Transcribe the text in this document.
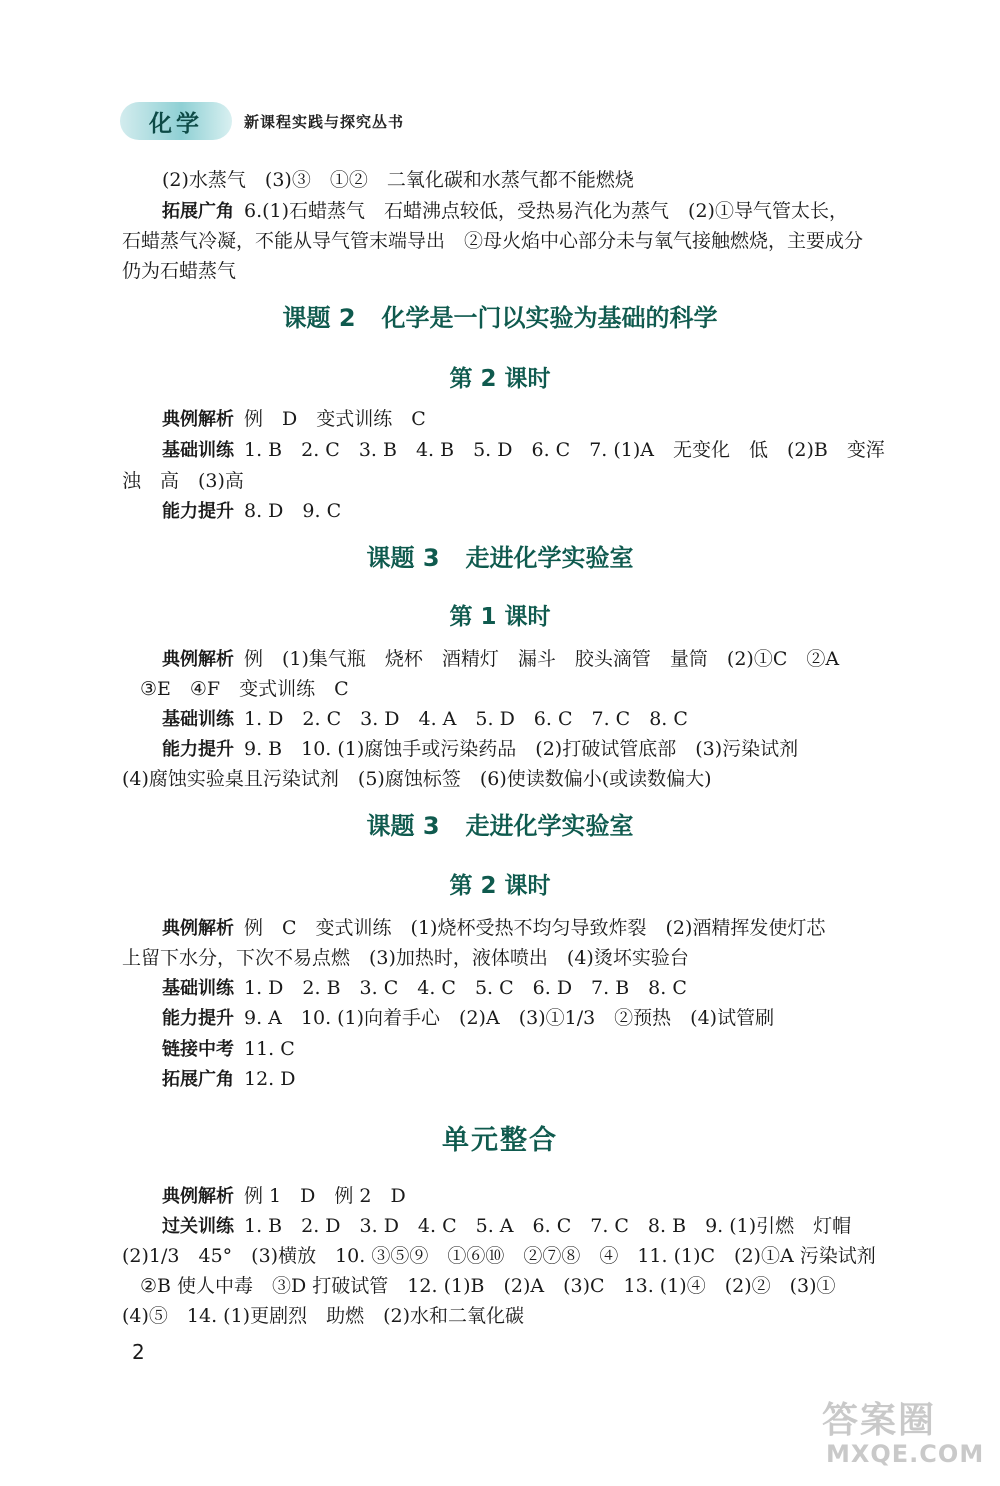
化学	新课程实践与探究丛书
(2)水蒸气　(3)③　①②　二氧化碳和水蒸气都不能燃烧
拓展广角 6.(1)石蜡蒸气　石蜡沸点较低，受热易汽化为蒸气　(2)①导气管太长，
石蜡蒸气冷凝，不能从导气管末端导出　②母火焰中心部分未与氧气接触燃烧，主要成分
仍为石蜡蒸气
课题 2 化学是一门以实验为基础的科学
第 2 课时
典例解析 例　D　变式训练　C
基础训练 1. B　2. C　3. B　4. B　5. D　6. C　7. (1)A　无变化　低　(2)B　变浑
浊　高　(3)高
能力提升 8. D　9. C
课题 3 走进化学实验室
第 1 课时
典例解析 例　(1)集气瓶　烧杯　酒精灯　漏斗　胶头滴管　量筒　(2)①C　②A
③E　④F　变式训练　C
基础训练 1. D　2. C　3. D　4. A　5. D　6. C　7. C　8. C
能力提升 9. B　10. (1)腐蚀手或污染药品　(2)打破试管底部　(3)污染试剂
(4)腐蚀实验桌且污染试剂　(5)腐蚀标签　(6)使读数偏小(或读数偏大)
课题 3 走进化学实验室
第 2 课时
典例解析 例　C　变式训练　(1)烧杯受热不均匀导致炸裂　(2)酒精挥发使灯芯
上留下水分，下次不易点燃　(3)加热时，液体喷出　(4)烫坏实验台
基础训练 1. D　2. B　3. C　4. C　5. C　6. D　7. B　8. C
能力提升 9. A　10. (1)向着手心　(2)A　(3)①1/3　②预热　(4)试管刷
链接中考 11. C
拓展广角 12. D
单元整合
典例解析 例 1　D　例 2　D
过关训练 1. B　2. D　3. D　4. C　5. A　6. C　7. C　8. B　9. (1)引燃　灯帽
(2)1/3　45°　(3)横放　10. ③⑤⑨　①⑥⑩　②⑦⑧　④　11. (1)C　(2)①A 污染试剂
②B 使人中毒　③D 打破试管　12. (1)B　(2)A　(3)C　13. (1)④　(2)②　(3)①
(4)⑤　14. (1)更剧烈　助燃　(2)水和二氧化碳
2
答案圈
MXQE.COM
